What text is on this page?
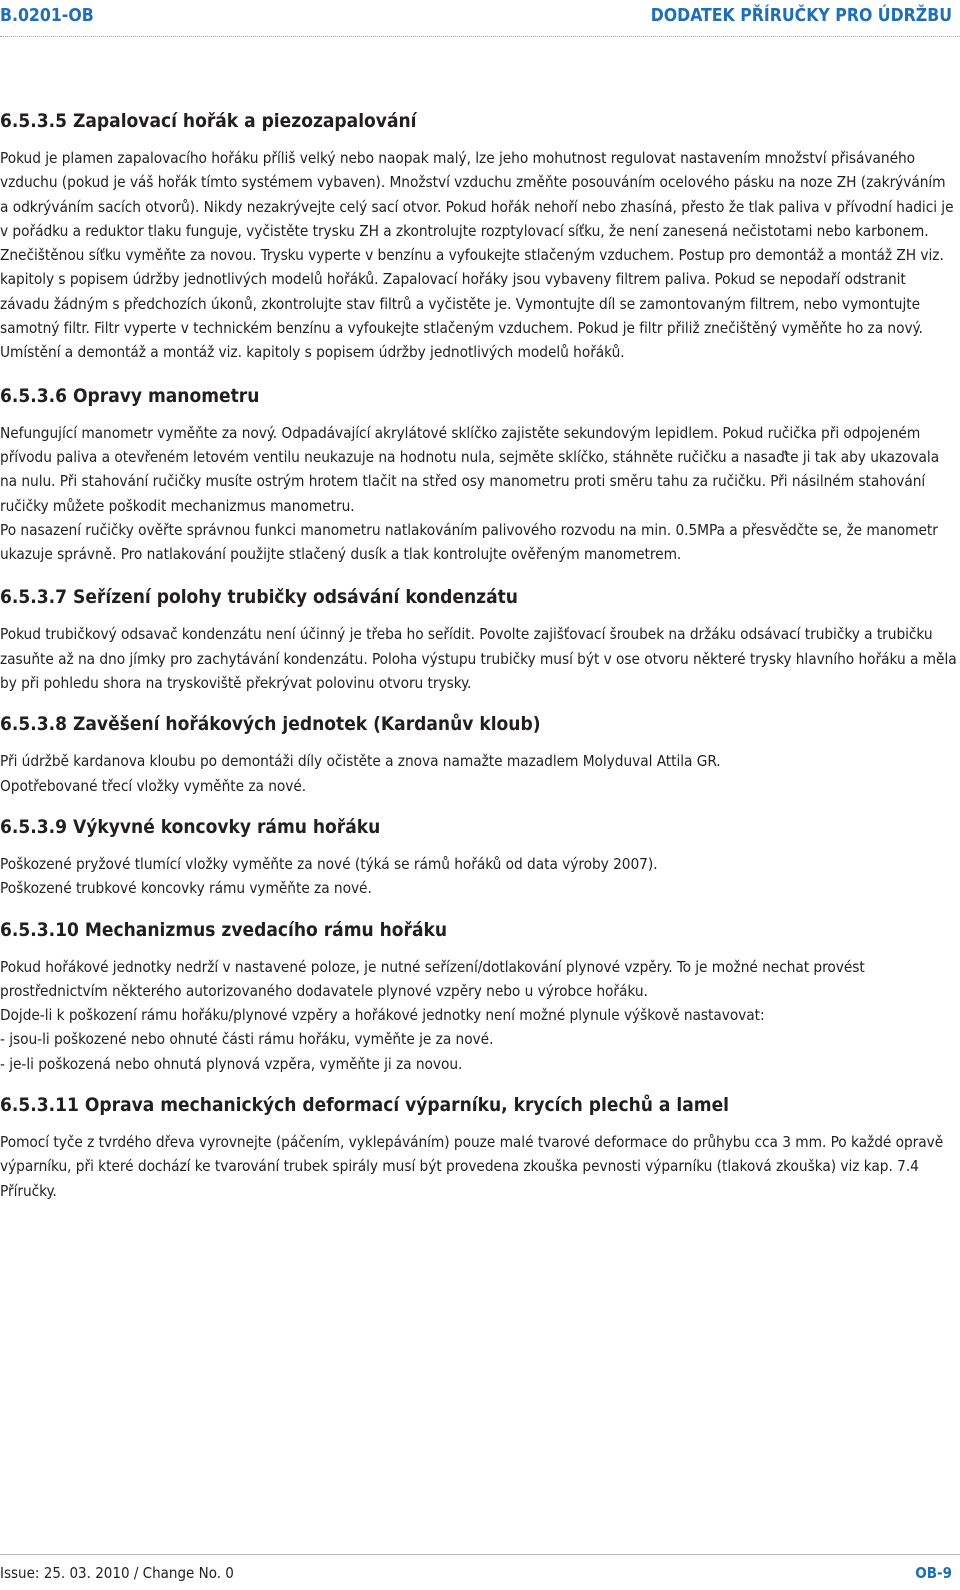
B.0201-OB	DODATEK PŘÍRUČKY PRO ÚDRŽBU
6.5.3.5 Zapalovací hořák a piezozapalování

Pokud je plamen zapalovacího hořáku příliš velký nebo naopak malý, lze jeho mohutnost regulovat nastavením množství přisávaného vzduchu (pokud je váš hořák tímto systémem vybaven). Množství vzduchu změňte posouváním ocelového pásku na noze ZH (zakrýváním a odkrýváním sacích otvorů). Nikdy nezakrývejte celý sací otvor. Pokud hořák nehoří nebo zhasíná, přesto že tlak paliva v přívodní hadici je v pořádku a reduktor tlaku funguje, vyčistěte trysku ZH a zkontrolujte rozptylovací síťku, že není zanesená nečistotami nebo karbonem. Znečištěnou síťku vyměňte za novou. Trysku vyperte v benzínu a vyfoukejte stlačeným vzduchem. Postup pro demontáž a montáž ZH viz. kapitoly s popisem údržby jednotlivých modelů hořáků. Zapalovací hořáky jsou vybaveny filtrem paliva. Pokud se nepodaří odstranit závadu žádným s předchozích úkonů, zkontrolujte stav filtrů a vyčistěte je. Vymontujte díl se zamontovaným filtrem, nebo vymontujte samotný filtr. Filtr vyperte v technickém benzínu a vyfoukejte stlačeným vzduchem. Pokud je filtr přiliž znečištěný vyměňte ho za nový. Umístění a demontáž a montáž viz. kapitoly s popisem údržby jednotlivých modelů hořáků.

6.5.3.6 Opravy manometru

Nefungující manometr vyměňte za nový. Odpadávající akrylátové sklíčko zajistěte sekundovým lepidlem. Pokud ručička při odpojeném přívodu paliva a otevřeném letovém ventilu neukazuje na hodnotu nula, sejměte sklíčko, stáhněte ručičku a nasaďte ji tak aby ukazovala na nulu. Při stahování ručičky musíte ostrým hrotem tlačit na střed osy manometru proti směru tahu za ručičku. Při násilném stahování ručičky můžete poškodit mechanizmus manometru.

Po nasazení ručičky ověřte správnou funkci manometru natlakováním palivového rozvodu na min. 0.5MPa a přesvědčte se, že manometr ukazuje správně. Pro natlakování použijte stlačený dusík a tlak kontrolujte ověřeným manometrem.

6.5.3.7 Seřízení polohy trubičky odsávání kondenzátu

Pokud trubičkový odsavač kondenzátu není účinný je třeba ho seřídit. Povolte zajišťovací šroubek na držáku odsávací trubičky a trubičku zasuňte až na dno jímky pro zachytávání kondenzátu. Poloha výstupu trubičky musí být v ose otvoru některé trysky hlavního hořáku a měla by při pohledu shora na tryskoviště překrývat polovinu otvoru trysky.

6.5.3.8 Zavěšení hořákových jednotek (Kardanův kloub)

Při údržbě kardanova kloubu po demontáži díly očistěte a znova namažte mazadlem Molyduval Attila GR.

Opotřebované třecí vložky vyměňte za nové.

6.5.3.9 Výkyvné koncovky rámu hořáku

Poškozené pryžové tlumící vložky vyměňte za nové (týká se rámů hořáků od data výroby 2007).

Poškozené trubkové koncovky rámu vyměňte za nové.

6.5.3.10 Mechanizmus zvedacího rámu hořáku

Pokud hořákové jednotky nedrží v nastavené poloze, je nutné seřízení/dotlakování plynové vzpěry. To je možné nechat provést prostřednictvím některého autorizovaného dodavatele plynové vzpěry nebo u výrobce hořáku.

Dojde-li k poškození rámu hořáku/plynové vzpěry a hořákové jednotky není možné plynule výškově nastavovat:

- jsou-li poškozené nebo ohnuté části rámu hořáku, vyměňte je za nové.

- je-li poškozená nebo ohnutá plynová vzpěra, vyměňte ji za novou.

6.5.3.11 Oprava mechanických deformací výparníku, krycích plechů a lamel

Pomocí tyče z tvrdého dřeva vyrovnejte (páčením, vyklepáváním) pouze malé tvarové deformace do průhybu cca 3 mm. Po každé opravě výparníku, při které dochází ke tvarování trubek spirály musí být provedena zkouška pevnosti výparníku (tlaková zkouška) viz kap. 7.4 Příručky.

Issue: 25. 03. 2010 / Change No. 0	OB-9
